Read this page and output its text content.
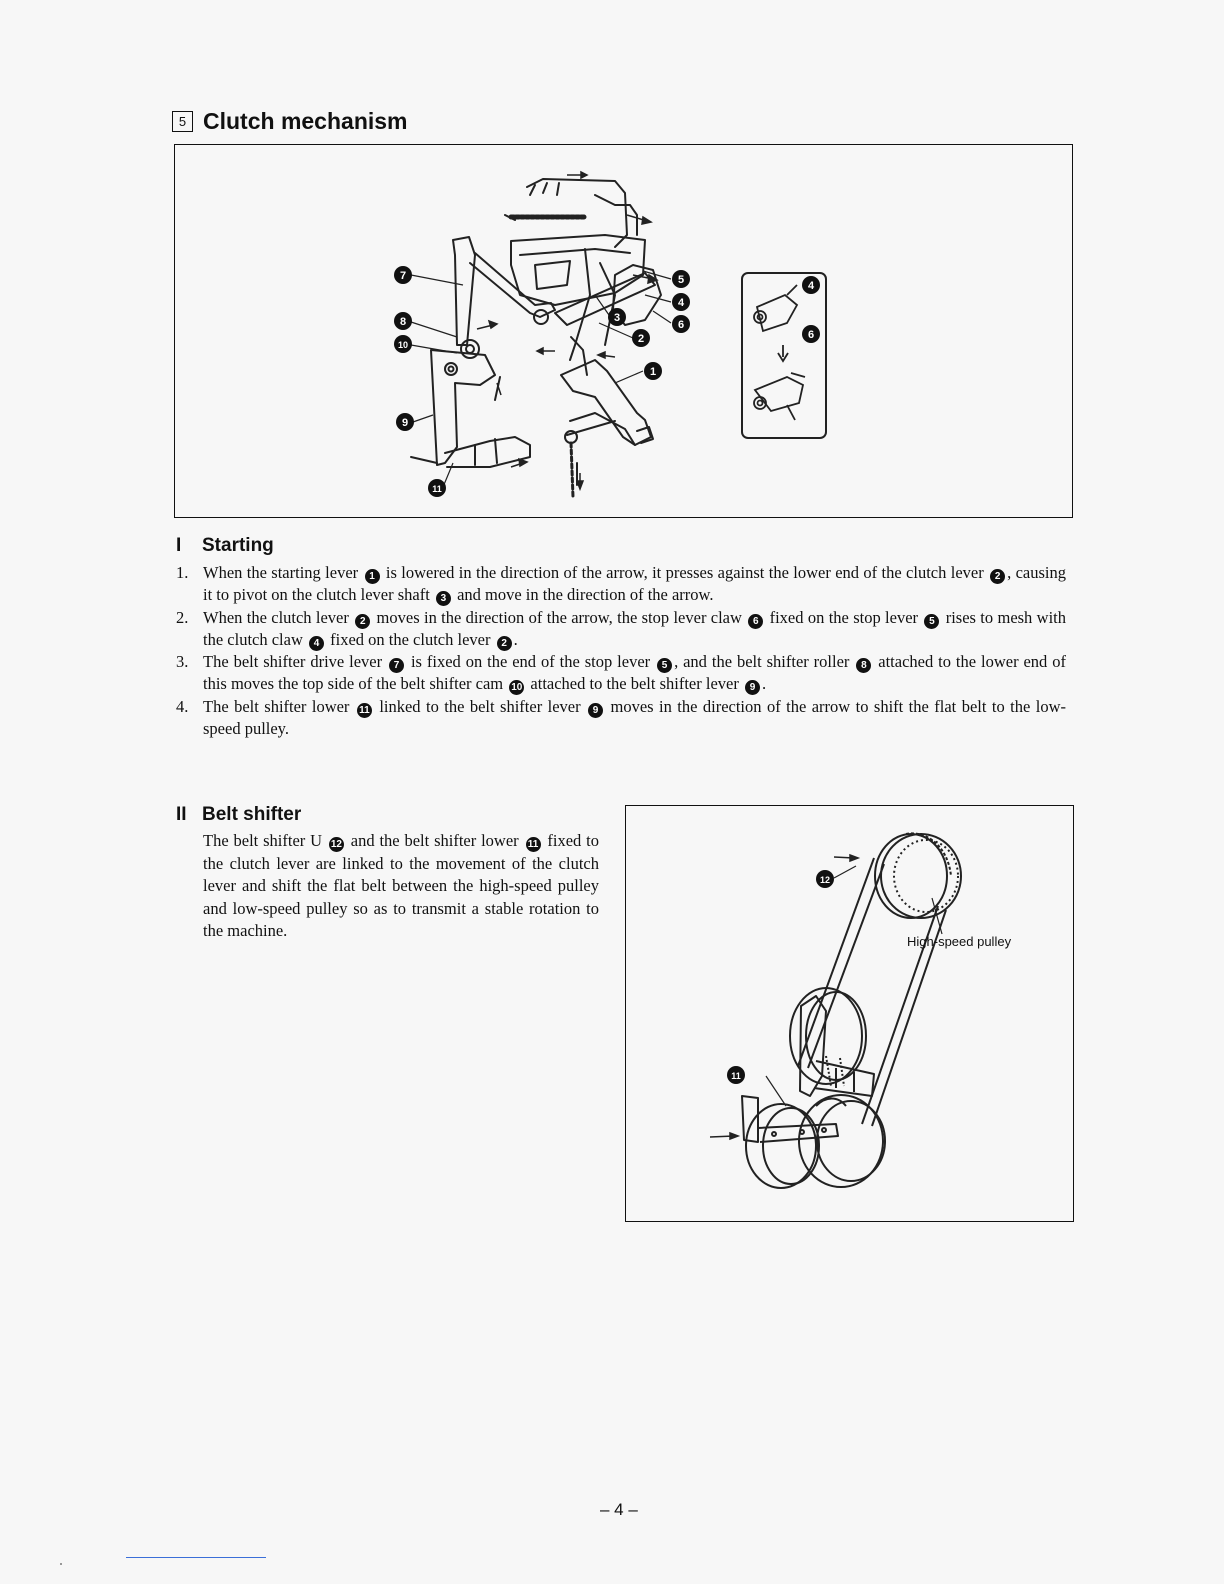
5 Clutch mechanism
7
8
10
9
11
5
4
6
3
2
1
4
6
I Starting
1. When the starting lever 1 is lowered in the direction of the arrow, it presses against the lower end of the clutch lever 2 , causing it to pivot on the clutch lever shaft 3 and move in the direction of the arrow.
2. When the clutch lever 2 moves in the direction of the arrow, the stop lever claw 6 fixed on the stop lever 5 rises to mesh with the clutch claw 4 fixed on the clutch lever 2 .
3. The belt shifter drive lever 7 is fixed on the end of the stop lever 5 , and the belt shifter roller 8 attached to the lower end of this moves the top side of the belt shifter cam 10 attached to the belt shifter lever 9 .
4. The belt shifter lower 11 linked to the belt shifter lever 9 moves in the direction of the arrow to shift the flat belt to the low-speed pulley.
II Belt shifter

The belt shifter U 12 and the belt shifter lower 11 fixed to the clutch lever are linked to the movement of the clutch lever and shift the flat belt between the high-speed pulley and low-speed pulley so as to transmit a stable rotation to the machine.

12
11
High-speed pulley
– 4 –
